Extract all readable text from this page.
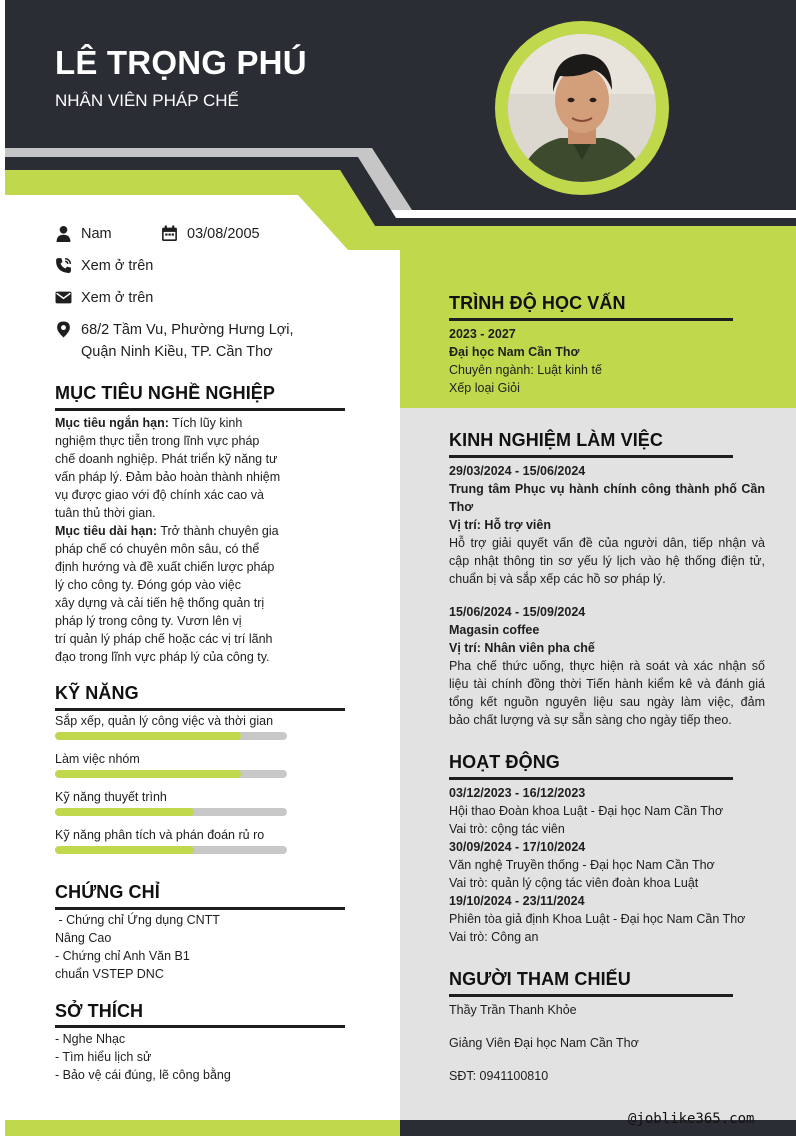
LÊ TRỌNG PHÚ
NHÂN VIÊN PHÁP CHẾ
Nam	03/08/2005
Xem ở trên
Xem ở trên
68/2 Tầm Vu, Phường Hưng Lợi,
Quận Ninh Kiều, TP. Cần Thơ
MỤC TIÊU NGHỀ NGHIỆP
Mục tiêu ngắn hạn: Tích lũy kinh
nghiệm thực tiễn trong lĩnh vực pháp
chế doanh nghiệp. Phát triển kỹ năng tư
vấn pháp lý. Đảm bảo hoàn thành nhiệm
vụ được giao với độ chính xác cao và
tuân thủ thời gian.
Mục tiêu dài hạn: Trở thành chuyên gia
pháp chế có chuyên môn sâu, có thể
định hướng và đề xuất chiến lược pháp
lý cho công ty. Đóng góp vào việc
xây dựng và cải tiến hệ thống quản trị
pháp lý trong công ty. Vươn lên vị
trí quản lý pháp chế hoặc các vị trí lãnh
đạo trong lĩnh vực pháp lý của công ty.
KỸ NĂNG
Sắp xếp, quản lý công việc và thời gian
Làm việc nhóm
Kỹ năng thuyết trình
Kỹ năng phân tích và phán đoán rủ ro
CHỨNG CHỈ
- Chứng chỉ Ứng dụng CNTT
Nâng Cao
- Chứng chỉ Anh Văn B1
chuẩn VSTEP DNC
SỞ THÍCH
- Nghe Nhạc
- Tìm hiểu lịch sử
- Bảo vệ cái đúng, lẽ công bằng
TRÌNH ĐỘ HỌC VẤN
2023 - 2027
Đại học Nam Cần Thơ
Chuyên ngành: Luật kinh tế
Xếp loại Giỏi
KINH NGHIỆM LÀM VIỆC
29/03/2024 - 15/06/2024

Trung tâm Phục vụ hành chính công thành phố Cần
Thơ
Vị trí: Hỗ trợ viên

Hỗ trợ giải quyết vấn đề của người dân, tiếp nhận và
cập nhật thông tin sơ yếu lý lịch vào hệ thống điện tử,
chuẩn bị và sắp xếp các hồ sơ pháp lý.
15/06/2024 - 15/09/2024
Magasin coffee
Vị trí: Nhân viên pha chế

Pha chế thức uống, thực hiện rà soát và xác nhận số
liệu tài chính đồng thời Tiến hành kiểm kê và đánh giá
tổng kết nguồn nguyên liệu sau ngày làm việc, đảm
bảo chất lượng và sự sẵn sàng cho ngày tiếp theo.
HOẠT ĐỘNG
03/12/2023 - 16/12/2023
Hội thao Đoàn khoa Luật - Đại học Nam Cần Thơ
Vai trò: cộng tác viên
30/09/2024 - 17/10/2024
Văn nghệ Truyền thống - Đại học Nam Cần Thơ
Vai trò: quản lý cộng tác viên đoàn khoa Luật
19/10/2024 - 23/11/2024
Phiên tòa giả định Khoa Luật - Đại học Nam Cần Thơ
Vai trò: Công an
NGƯỜI THAM CHIẾU
Thầy Trần Thanh Khỏe
Giảng Viên Đại học Nam Cần Thơ
SĐT: 0941100810
@joblike365.com
